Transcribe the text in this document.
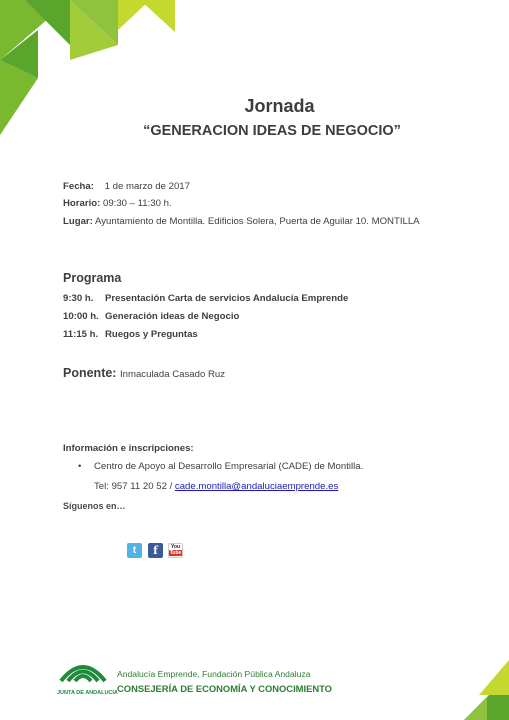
Jornada
“GENERACION IDEAS DE NEGOCIO”
Fecha: 1 de marzo de 2017
Horario: 09:30 – 11:30 h.
Lugar: Ayuntamiento de Montilla. Edificios Solera, Puerta de Aguilar 10. MONTILLA
Programa
9:30 h. Presentación Carta de servicios Andalucía Emprende
10:00 h. Generación ideas de Negocio
11:15 h. Ruegos y Preguntas
Ponente: Inmaculada Casado Ruz
Información e inscripciones:
• Centro de Apoyo al Desarrollo Empresarial (CADE) de Montilla.
Tel: 957 11 20 52 / cade.montilla@andaluciaemprende.es
Síguenos en…
t f	You
Tube
JUNTA DE ANDALUCIA
Andalucía Emprende, Fundación Pública Andaluza
CONSEJERÍA DE ECONOMÍA Y CONOCIMIENTO
